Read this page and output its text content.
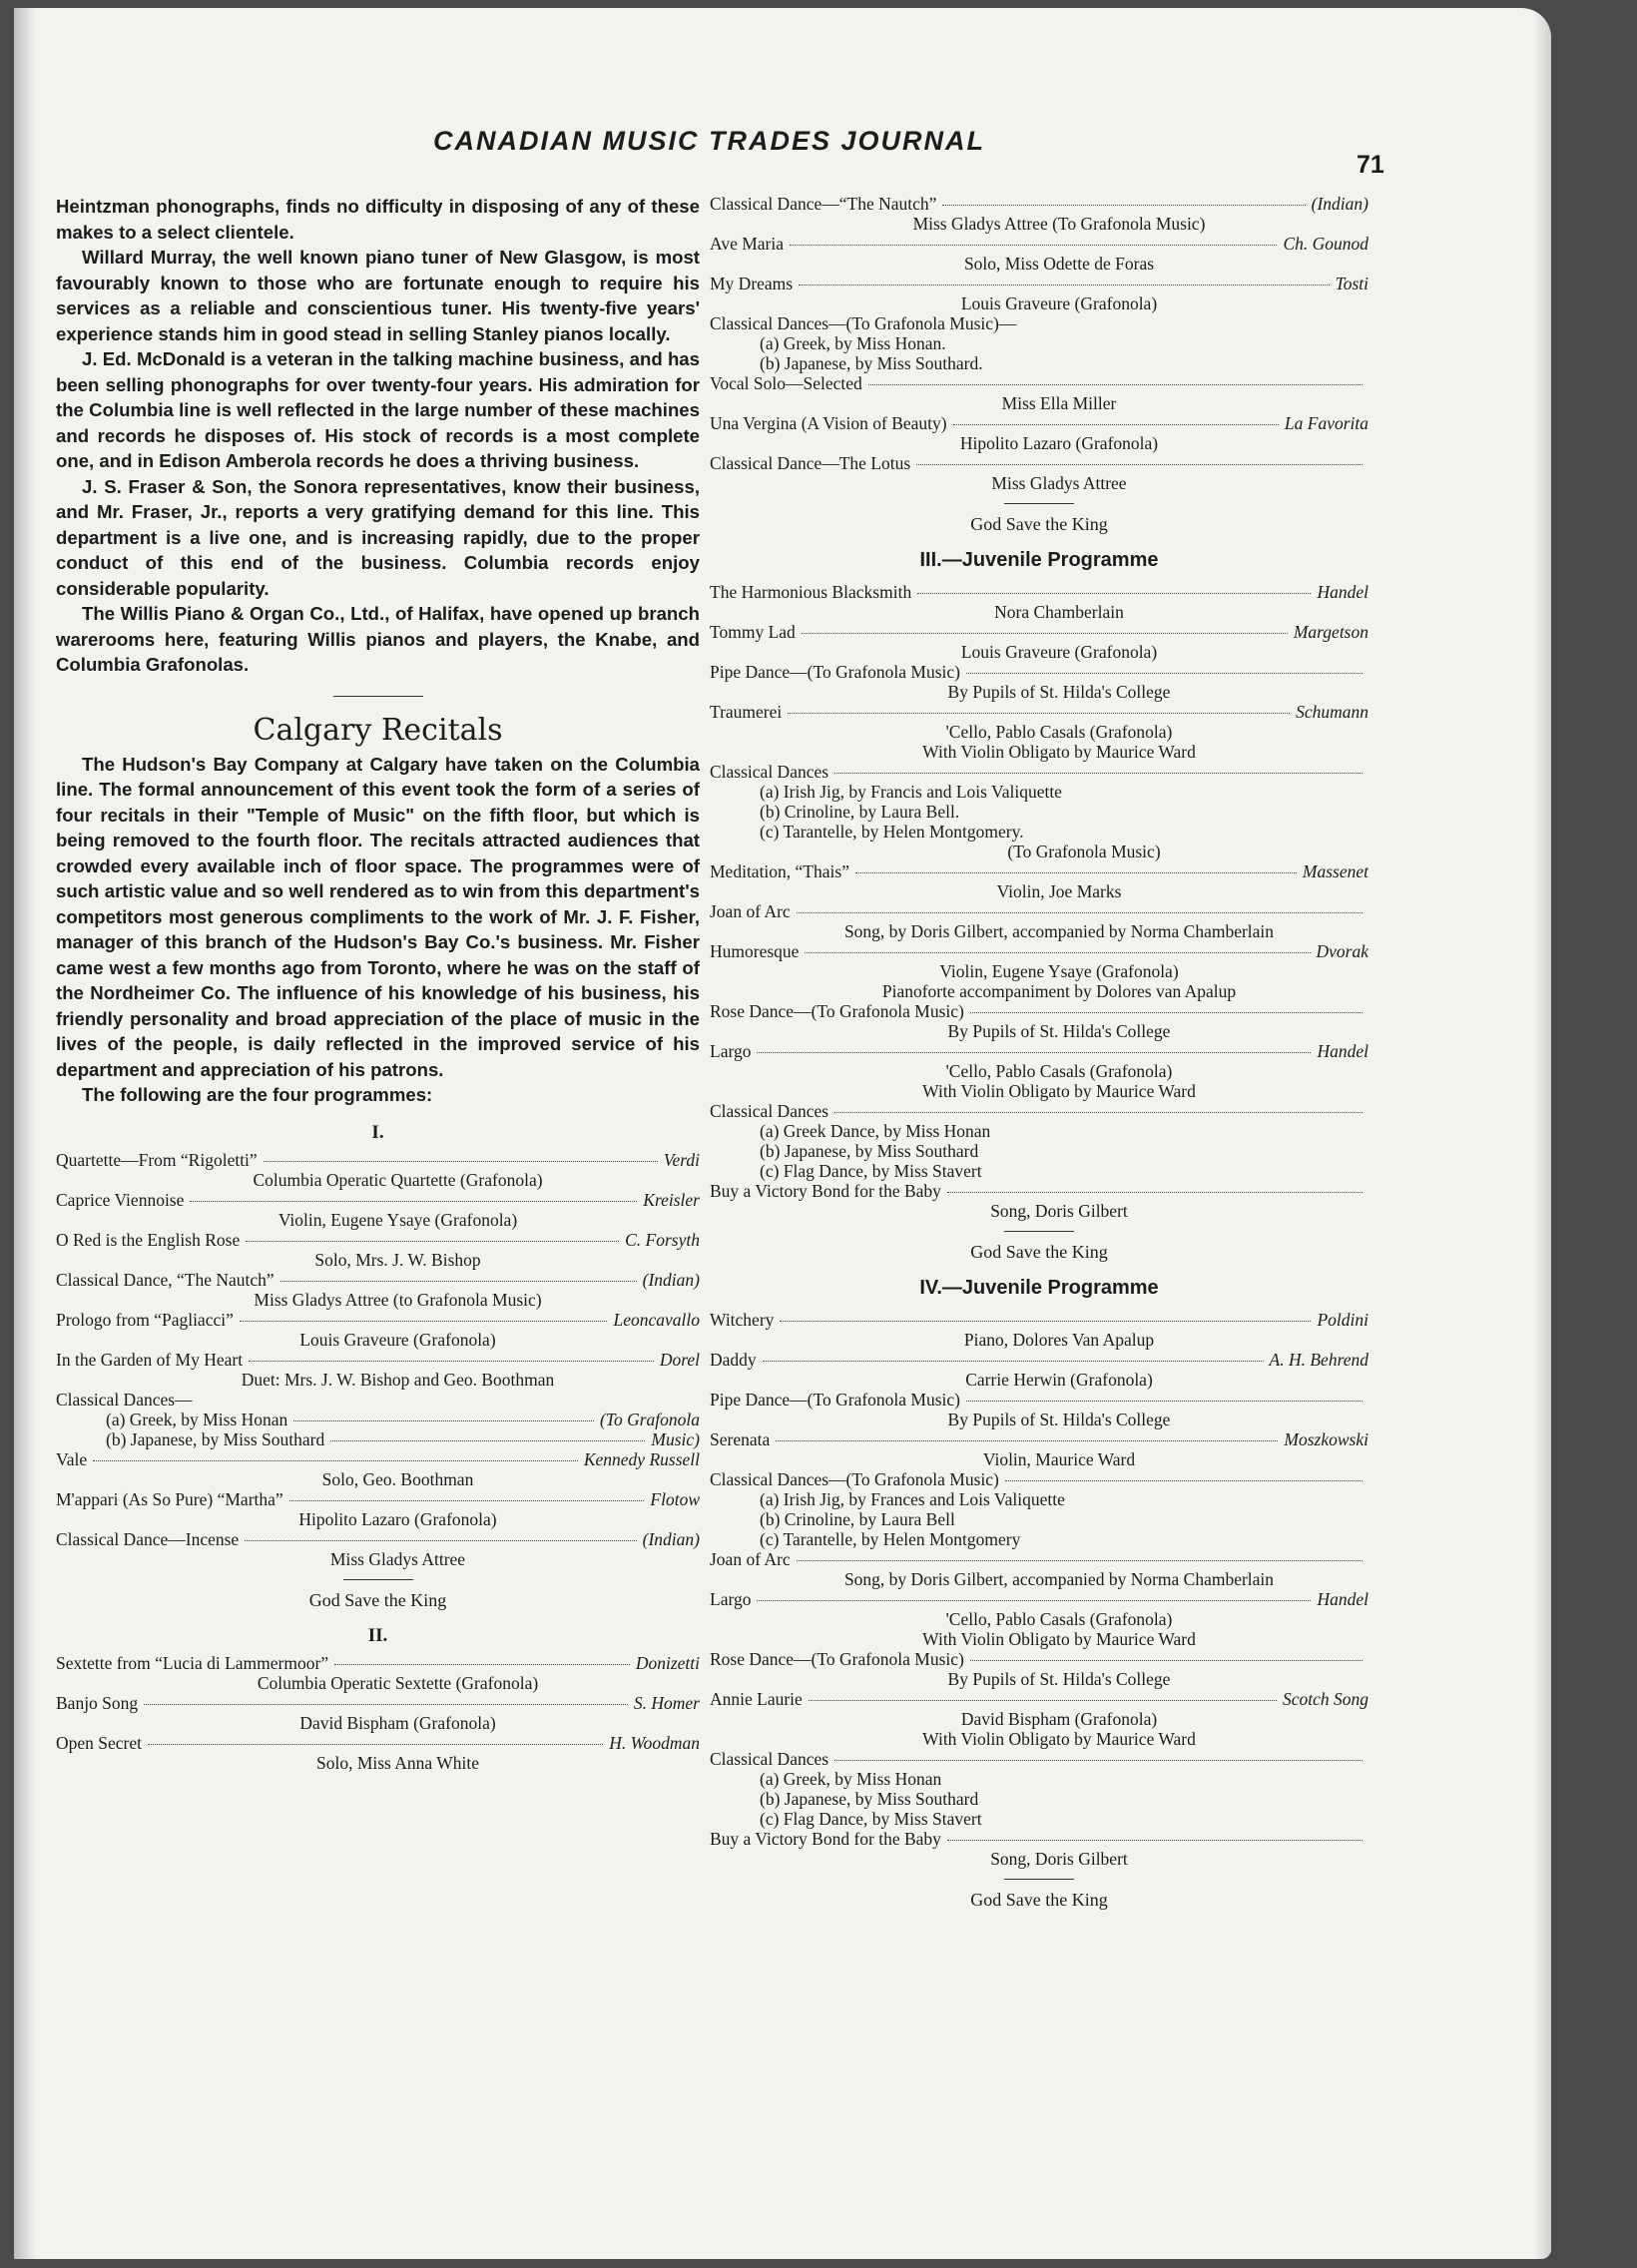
CANADIAN MUSIC TRADES JOURNAL
71

Heintzman phonographs, finds no difficulty in disposing of any of these makes to a select clientele.

Willard Murray, the well known piano tuner of New Glasgow, is most favourably known to those who are fortunate enough to require his services as a reliable and conscientious tuner. His twenty-five years' experience stands him in good stead in selling Stanley pianos locally.

J. Ed. McDonald is a veteran in the talking machine business, and has been selling phonographs for over twenty-four years. His admiration for the Columbia line is well reflected in the large number of these machines and records he disposes of. His stock of records is a most complete one, and in Edison Amberola records he does a thriving business.

J. S. Fraser & Son, the Sonora representatives, know their business, and Mr. Fraser, Jr., reports a very gratifying demand for this line. This department is a live one, and is increasing rapidly, due to the proper conduct of this end of the business. Columbia records enjoy considerable popularity.

The Willis Piano & Organ Co., Ltd., of Halifax, have opened up branch warerooms here, featuring Willis pianos and players, the Knabe, and Columbia Grafonolas.

Calgary Recitals

The Hudson's Bay Company at Calgary have taken on the Columbia line. The formal announcement of this event took the form of a series of four recitals in their "Temple of Music" on the fifth floor, but which is being removed to the fourth floor. The recitals attracted audiences that crowded every available inch of floor space. The programmes were of such artistic value and so well rendered as to win from this department's competitors most generous compliments to the work of Mr. J. F. Fisher, manager of this branch of the Hudson's Bay Co.'s business. Mr. Fisher came west a few months ago from Toronto, where he was on the staff of the Nordheimer Co. The influence of his knowledge of his business, his friendly personality and broad appreciation of the place of music in the lives of the people, is daily reflected in the improved service of his department and appreciation of his patrons.

The following are the four programmes:

I.
Quartette—From “Rigoletti”	Verdi
Columbia Operatic Quartette (Grafonola)
Caprice Viennoise	Kreisler
Violin, Eugene Ysaye (Grafonola)
O Red is the English Rose	C. Forsyth
Solo, Mrs. J. W. Bishop
Classical Dance, “The Nautch”	(Indian)
Miss Gladys Attree (to Grafonola Music)
Prologo from “Pagliacci”	Leoncavallo
Louis Graveure (Grafonola)
In the Garden of My Heart	Dorel
Duet: Mrs. J. W. Bishop and Geo. Boothman
Classical Dances—
(a) Greek, by Miss Honan	(To Grafonola
(b) Japanese, by Miss Southard	Music)
Vale	Kennedy Russell
Solo, Geo. Boothman
M'appari (As So Pure) “Martha”	Flotow
Hipolito Lazaro (Grafonola)
Classical Dance—Incense	(Indian)
Miss Gladys Attree
God Save the King
II.
Sextette from “Lucia di Lammermoor”	Donizetti
Columbia Operatic Sextette (Grafonola)
Banjo Song	S. Homer
David Bispham (Grafonola)
Open Secret	H. Woodman
Solo, Miss Anna White
Classical Dance—“The Nautch”	(Indian)
Miss Gladys Attree (To Grafonola Music)
Ave Maria	Ch. Gounod
Solo, Miss Odette de Foras
My Dreams	Tosti
Louis Graveure (Grafonola)
Classical Dances—(To Grafonola Music)—
(a) Greek, by Miss Honan.
(b) Japanese, by Miss Southard.
Vocal Solo—Selected
Miss Ella Miller
Una Vergina (A Vision of Beauty)	La Favorita
Hipolito Lazaro (Grafonola)
Classical Dance—The Lotus
Miss Gladys Attree
God Save the King
III.—Juvenile Programme
The Harmonious Blacksmith	Handel
Nora Chamberlain
Tommy Lad	Margetson
Louis Graveure (Grafonola)
Pipe Dance—(To Grafonola Music)
By Pupils of St. Hilda's College
Traumerei	Schumann
'Cello, Pablo Casals (Grafonola)
With Violin Obligato by Maurice Ward
Classical Dances
(a) Irish Jig, by Francis and Lois Valiquette
(b) Crinoline, by Laura Bell.
(c) Tarantelle, by Helen Montgomery.
(To Grafonola Music)
Meditation, “Thais”	Massenet
Violin, Joe Marks
Joan of Arc
Song, by Doris Gilbert, accompanied by Norma Chamberlain
Humoresque	Dvorak
Violin, Eugene Ysaye (Grafonola)
Pianoforte accompaniment by Dolores van Apalup
Rose Dance—(To Grafonola Music)
By Pupils of St. Hilda's College
Largo	Handel
'Cello, Pablo Casals (Grafonola)
With Violin Obligato by Maurice Ward
Classical Dances
(a) Greek Dance, by Miss Honan
(b) Japanese, by Miss Southard
(c) Flag Dance, by Miss Stavert
Buy a Victory Bond for the Baby
Song, Doris Gilbert
God Save the King
IV.—Juvenile Programme
Witchery	Poldini
Piano, Dolores Van Apalup
Daddy	A. H. Behrend
Carrie Herwin (Grafonola)
Pipe Dance—(To Grafonola Music)
By Pupils of St. Hilda's College
Serenata	Moszkowski
Violin, Maurice Ward
Classical Dances—(To Grafonola Music)
(a) Irish Jig, by Frances and Lois Valiquette
(b) Crinoline, by Laura Bell
(c) Tarantelle, by Helen Montgomery
Joan of Arc
Song, by Doris Gilbert, accompanied by Norma Chamberlain
Largo	Handel
'Cello, Pablo Casals (Grafonola)
With Violin Obligato by Maurice Ward
Rose Dance—(To Grafonola Music)
By Pupils of St. Hilda's College
Annie Laurie	Scotch Song
David Bispham (Grafonola)
With Violin Obligato by Maurice Ward
Classical Dances
(a) Greek, by Miss Honan
(b) Japanese, by Miss Southard
(c) Flag Dance, by Miss Stavert
Buy a Victory Bond for the Baby
Song, Doris Gilbert
God Save the King
